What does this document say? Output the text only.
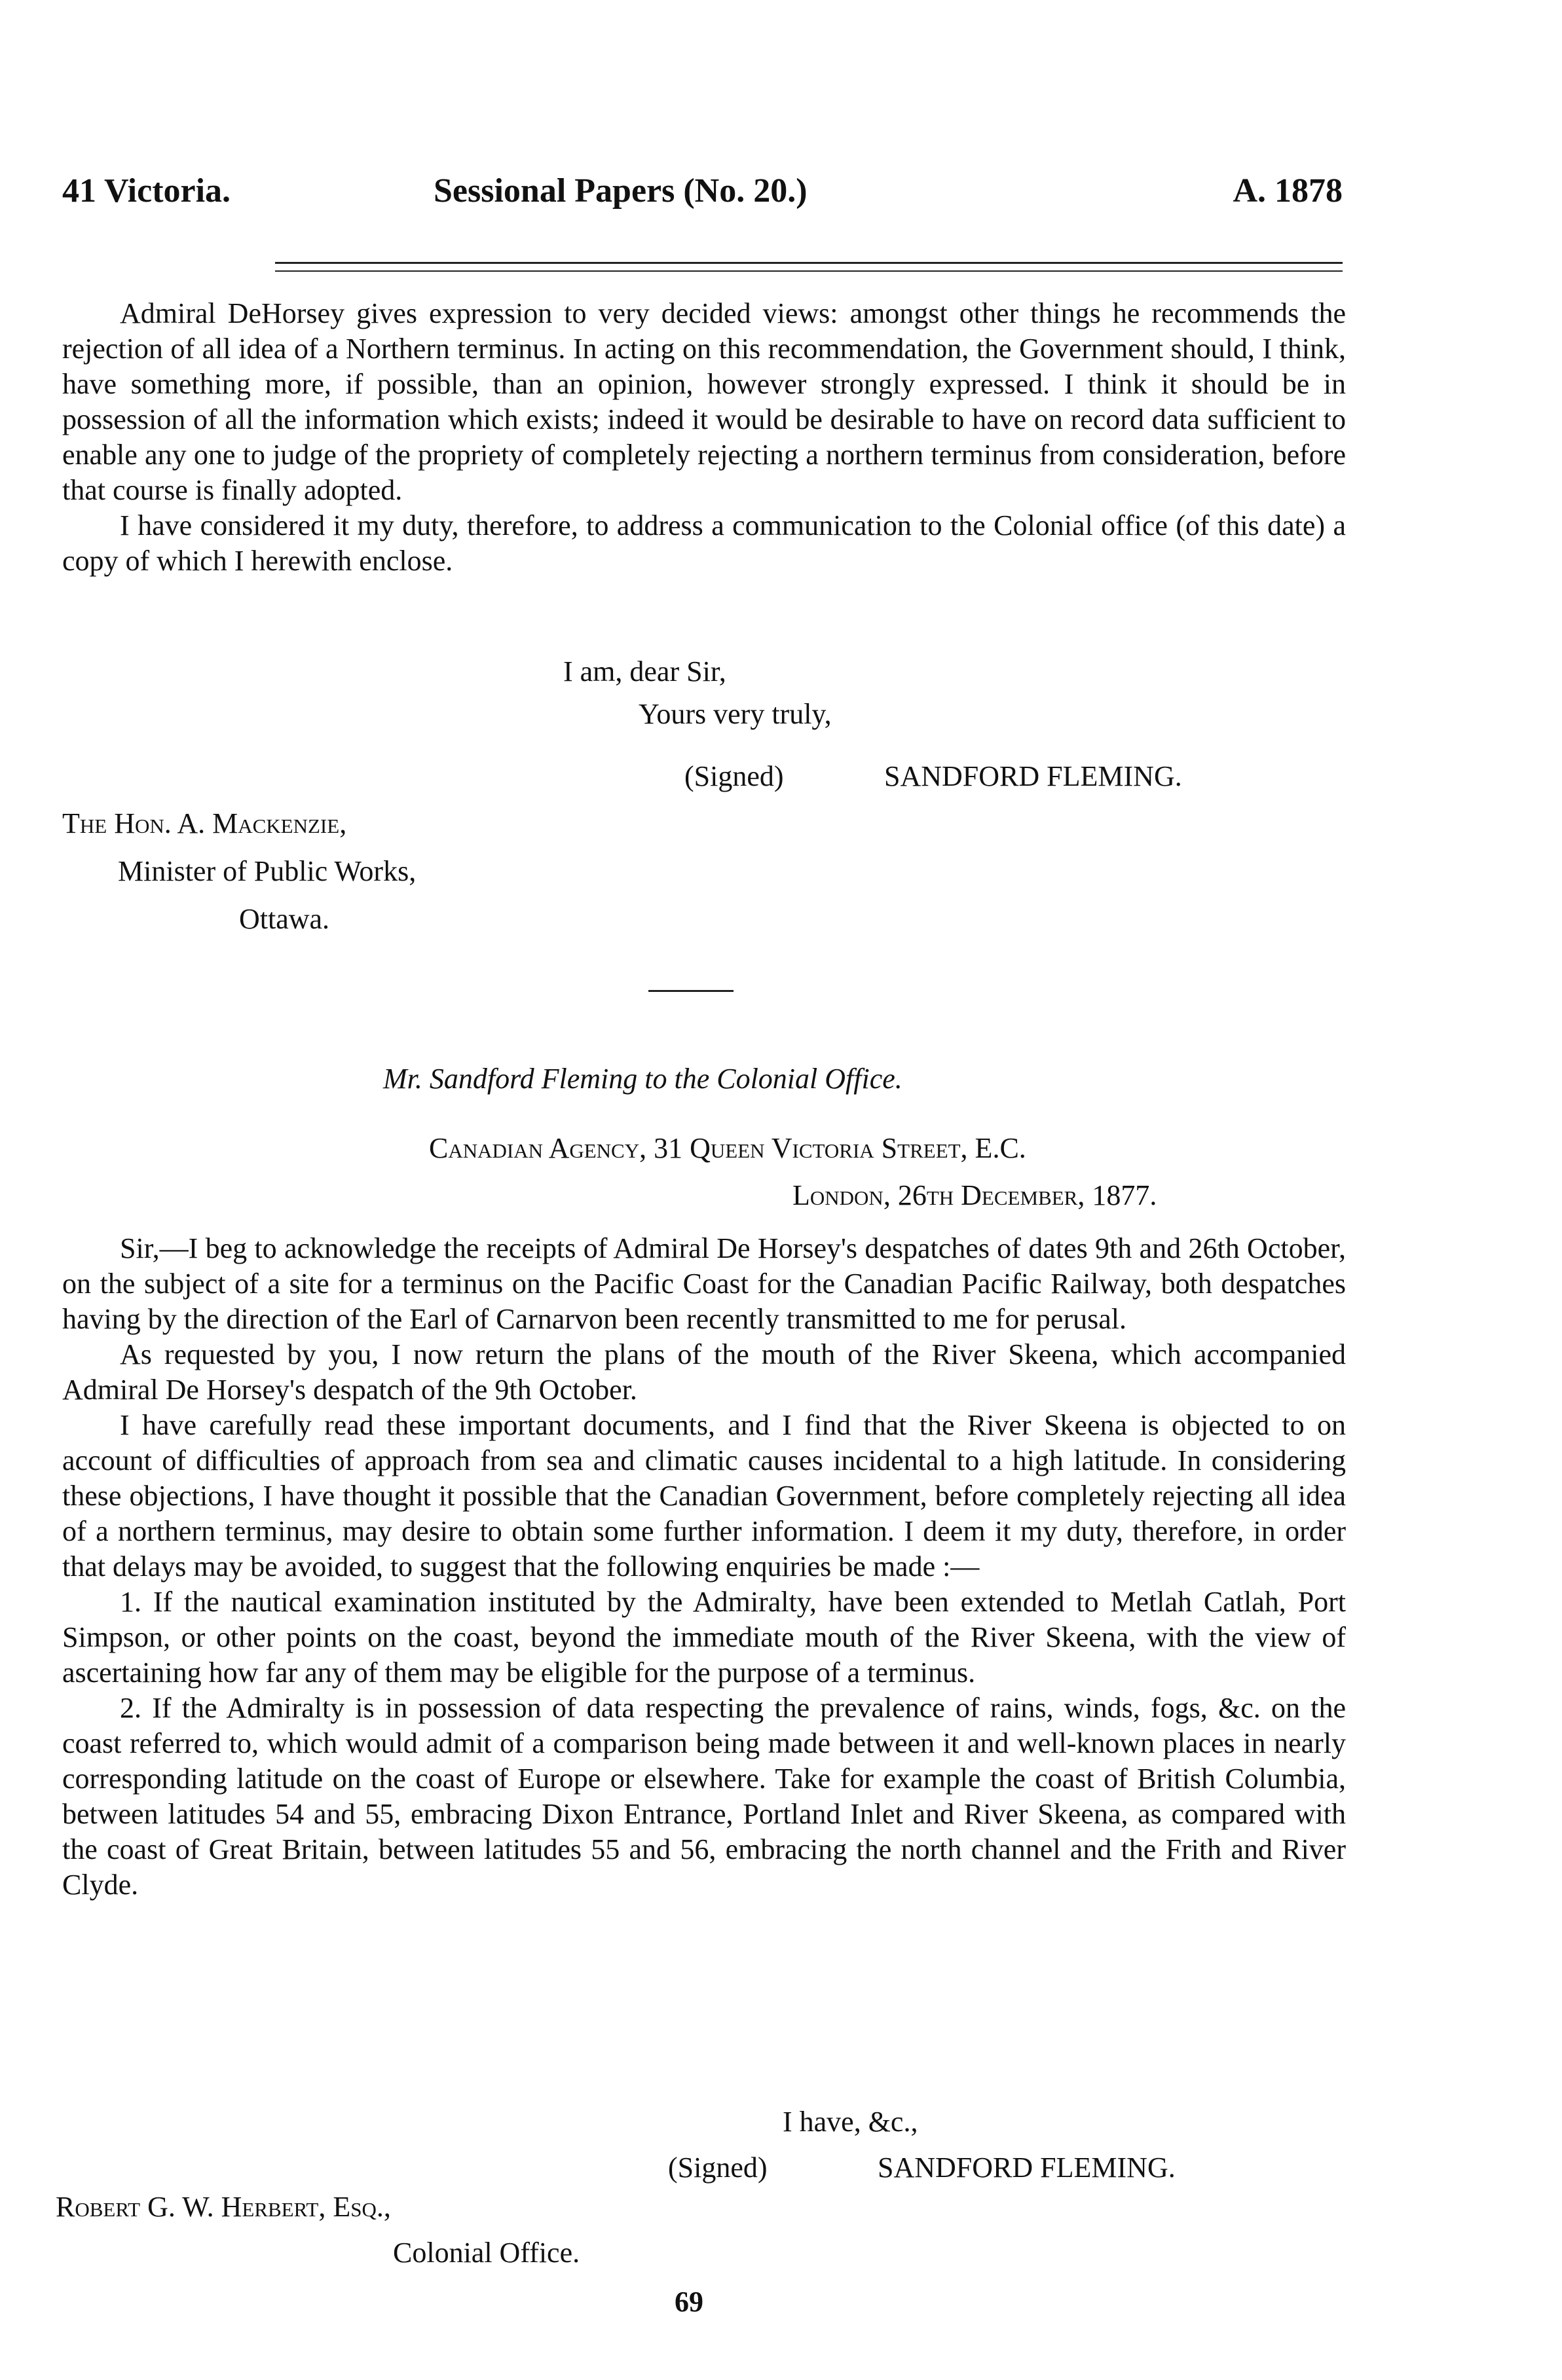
41 Victoria.	Sessional Papers (No. 20.)	A. 1878

Admiral DeHorsey gives expression to very decided views: amongst other things he recommends the rejection of all idea of a Northern terminus. In acting on this recommendation, the Government should, I think, have something more, if possible, than an opinion, however strongly expressed. I think it should be in possession of all the information which exists; indeed it would be desirable to have on record data sufficient to enable any one to judge of the propriety of completely rejecting a northern terminus from consideration, before that course is finally adopted.

I have considered it my duty, therefore, to address a communication to the Colonial office (of this date) a copy of which I herewith enclose.

I am, dear Sir,
Yours very truly,
(Signed)	SANDFORD FLEMING.
The Hon. A. Mackenzie,
Minister of Public Works,
Ottawa.
Mr. Sandford Fleming to the Colonial Office.
Canadian Agency, 31 Queen Victoria Street, E.C.
London, 26th December, 1877.

Sir,—I beg to acknowledge the receipts of Admiral De Horsey's despatches of dates 9th and 26th October, on the subject of a site for a terminus on the Pacific Coast for the Canadian Pacific Railway, both despatches having by the direction of the Earl of Carnarvon been recently transmitted to me for perusal.

As requested by you, I now return the plans of the mouth of the River Skeena, which accompanied Admiral De Horsey's despatch of the 9th October.

I have carefully read these important documents, and I find that the River Skeena is objected to on account of difficulties of approach from sea and climatic causes incidental to a high latitude. In considering these objections, I have thought it possible that the Canadian Government, before completely rejecting all idea of a northern terminus, may desire to obtain some further information. I deem it my duty, therefore, in order that delays may be avoided, to suggest that the following enquiries be made :—

1. If the nautical examination instituted by the Admiralty, have been extended to Metlah Catlah, Port Simpson, or other points on the coast, beyond the immediate mouth of the River Skeena, with the view of ascertaining how far any of them may be eligible for the purpose of a terminus.

2. If the Admiralty is in possession of data respecting the prevalence of rains, winds, fogs, &c. on the coast referred to, which would admit of a comparison being made between it and well-known places in nearly corresponding latitude on the coast of Europe or elsewhere. Take for example the coast of British Columbia, between latitudes 54 and 55, embracing Dixon Entrance, Portland Inlet and River Skeena, as compared with the coast of Great Britain, between latitudes 55 and 56, embracing the north channel and the Frith and River Clyde.

I have, &c.,
(Signed)	SANDFORD FLEMING.
Robert G. W. Herbert, Esq.,
Colonial Office.
69
